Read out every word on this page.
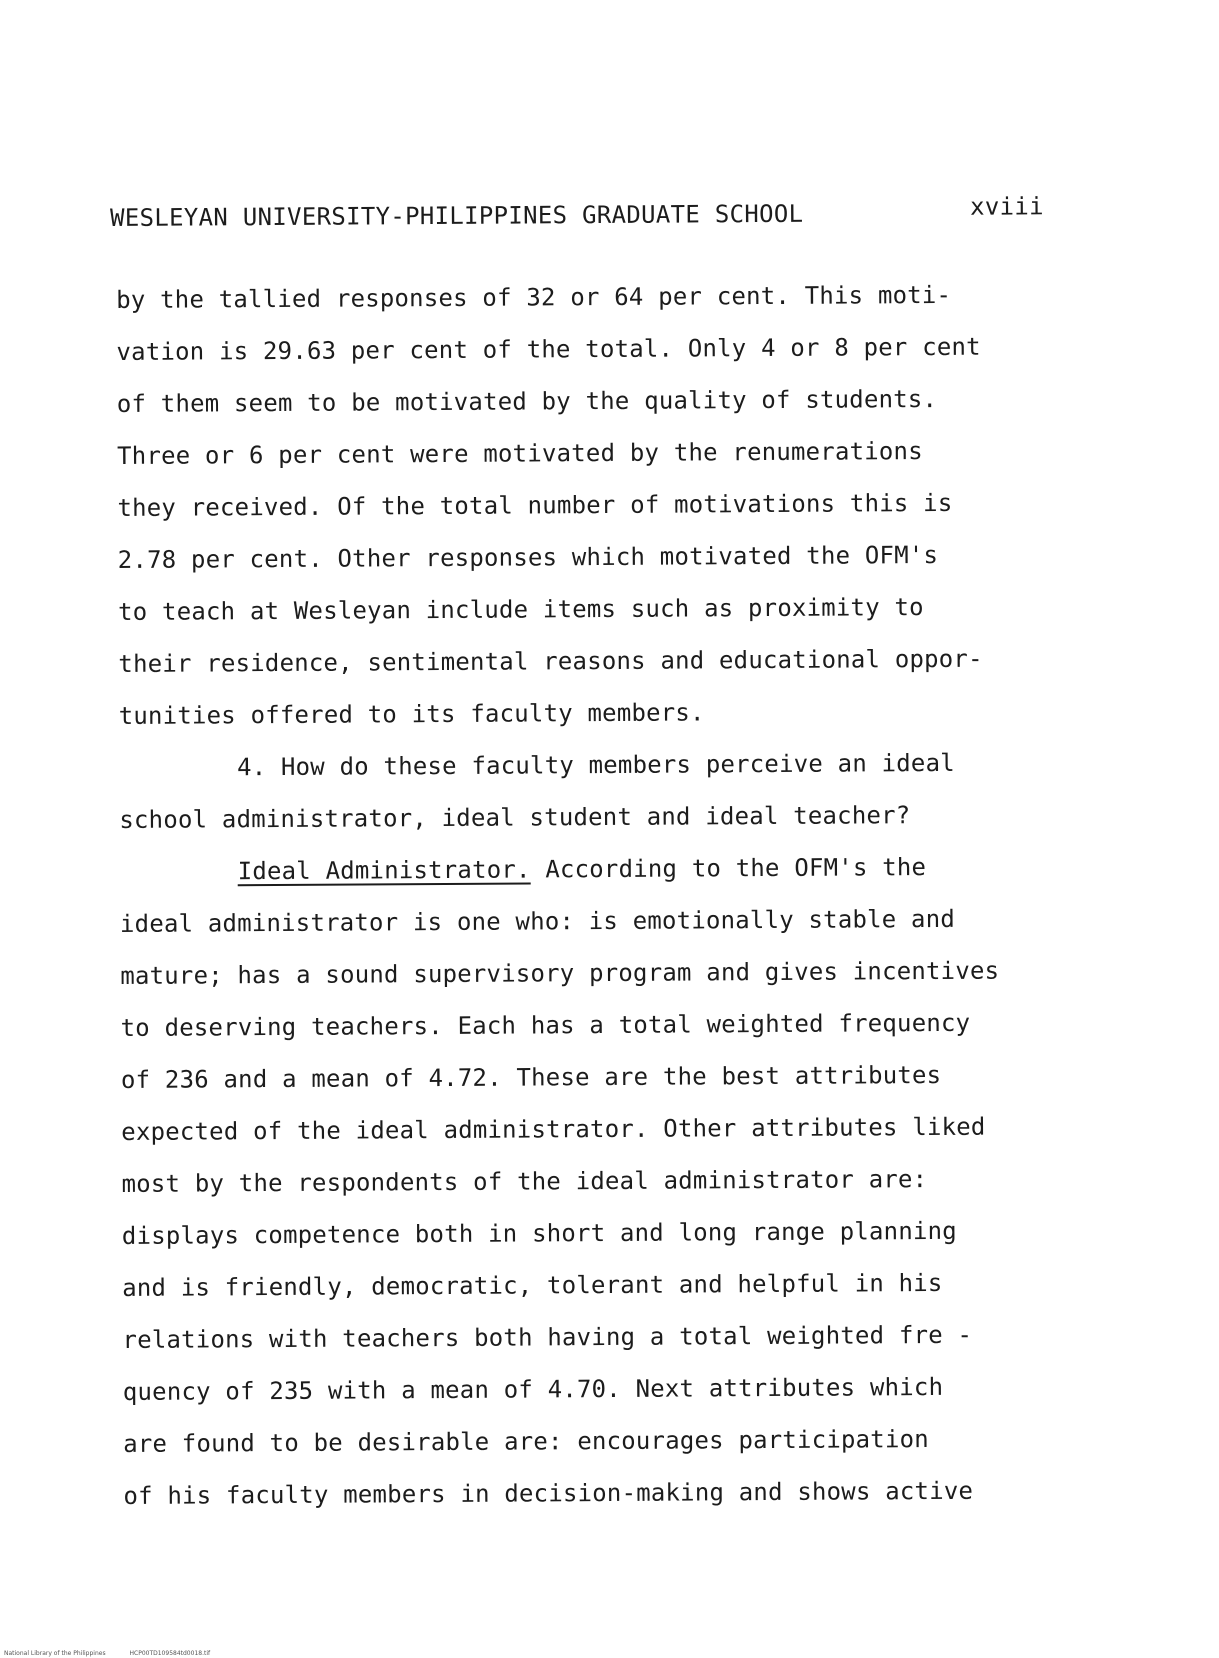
WESLEYAN UNIVERSITY-PHILIPPINES GRADUATE SCHOOL	xviii
by the tallied responses of 32 or 64 per cent. This moti-
vation is 29.63 per cent of the total. Only 4 or 8 per cent
of them seem to be motivated by the quality of students.
Three or 6 per cent were motivated by the renumerations
they received. Of the total number of motivations this is
2.78 per cent. Other responses which motivated the OFM's
to teach at Wesleyan include items such as proximity to
their residence, sentimental reasons and educational oppor-
tunities offered to its faculty members.
4. How do these faculty members perceive an ideal
school administrator, ideal student and ideal teacher?
Ideal Administrator. According to the OFM's the
ideal administrator is one who: is emotionally stable and
mature; has a sound supervisory program and gives incentives
to deserving teachers. Each has a total weighted frequency
of 236 and a mean of 4.72. These are the best attributes
expected of the ideal administrator. Other attributes liked
most by the respondents of the ideal administrator are:
displays competence both in short and long range planning
and is friendly, democratic, tolerant and helpful in his
relations with teachers both having a total weighted fre -
quency of 235 with a mean of 4.70. Next attributes which
are found to be desirable are: encourages participation
of his faculty members in decision-making and shows active
National Library of the Philippines	HCP00TD109584td0018.tif
